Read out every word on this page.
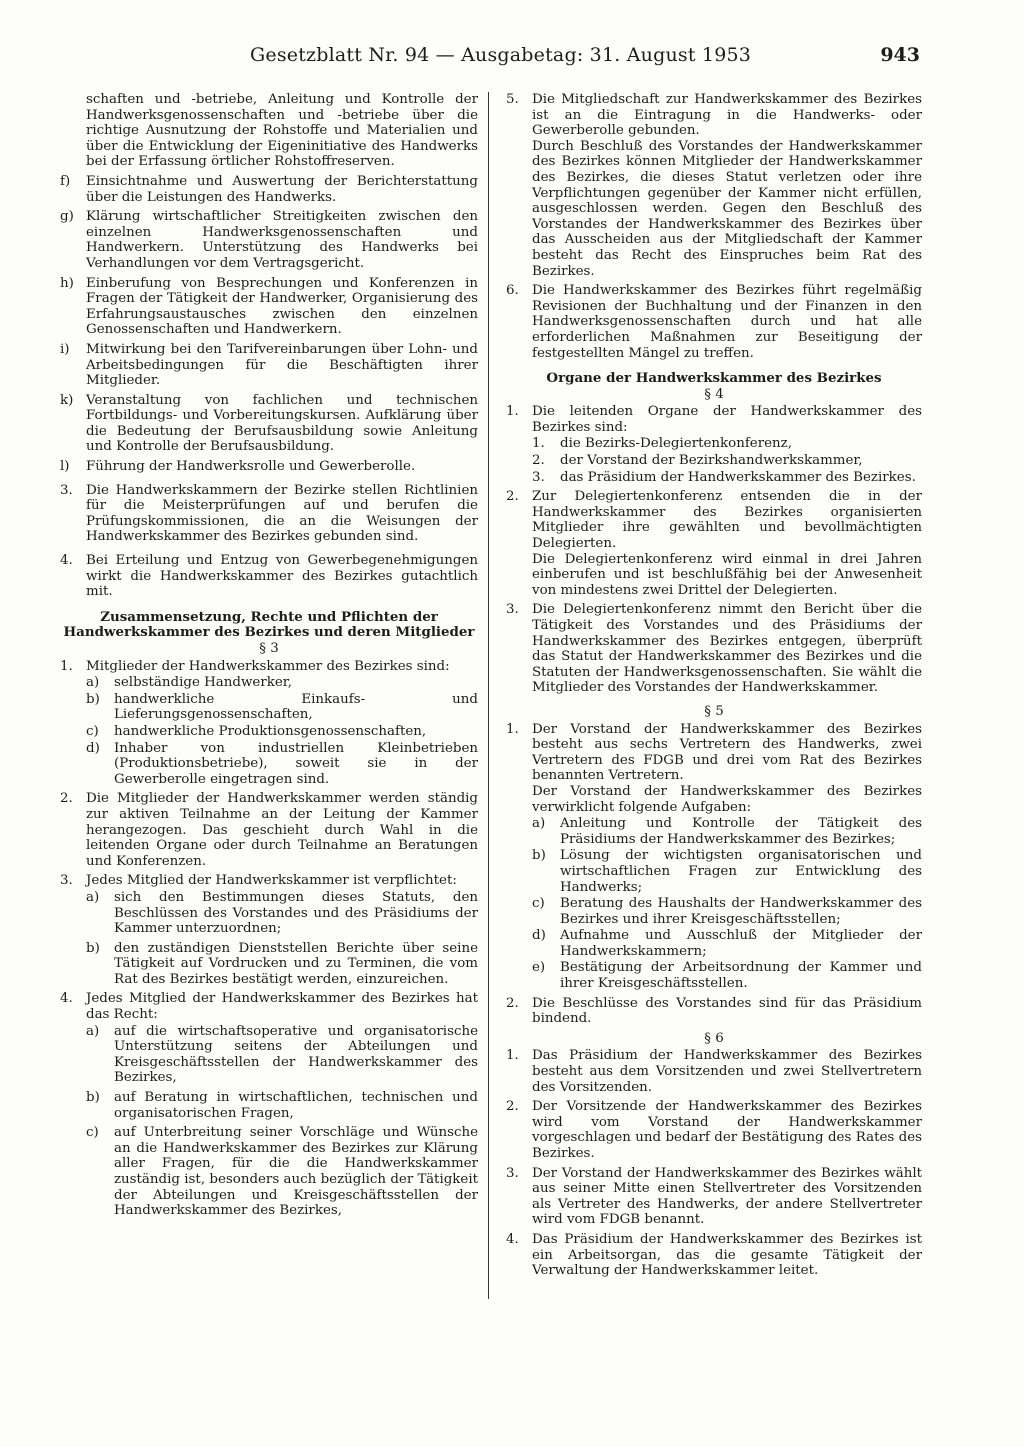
Gesetzblatt Nr. 94 — Ausgabetag: 31. August 1953	943
schaften und -betriebe, Anleitung und Kontrolle der Handwerksgenossenschaften und -betriebe über die richtige Ausnutzung der Rohstoffe und Materialien und über die Entwicklung der Eigeninitiative des Handwerks bei der Erfassung örtlicher Rohstoffreserven.
f) Einsichtnahme und Auswertung der Berichterstattung über die Leistungen des Handwerks.
g) Klärung wirtschaftlicher Streitigkeiten zwischen den einzelnen Handwerksgenossenschaften und Handwerkern. Unterstützung des Handwerks bei Verhandlungen vor dem Vertragsgericht.
h) Einberufung von Besprechungen und Konferenzen in Fragen der Tätigkeit der Handwerker, Organisierung des Erfahrungsaustausches zwischen den einzelnen Genossenschaften und Handwerkern.
i) Mitwirkung bei den Tarifvereinbarungen über Lohn- und Arbeitsbedingungen für die Beschäftigten ihrer Mitglieder.
k) Veranstaltung von fachlichen und technischen Fortbildungs- und Vorbereitungskursen. Aufklärung über die Bedeutung der Berufsausbildung sowie Anleitung und Kontrolle der Berufsausbildung.
l) Führung der Handwerksrolle und Gewerberolle.
3. Die Handwerkskammern der Bezirke stellen Richtlinien für die Meisterprüfungen auf und berufen die Prüfungskommissionen, die an die Weisungen der Handwerkskammer des Bezirkes gebunden sind.
4. Bei Erteilung und Entzug von Gewerbegenehmigungen wirkt die Handwerkskammer des Bezirkes gutachtlich mit.
Zusammensetzung, Rechte und Pflichten der Handwerkskammer des Bezirkes und deren Mitglieder
§ 3
1. Mitglieder der Handwerkskammer des Bezirkes sind:
a) selbständige Handwerker,
b) handwerkliche Einkaufs- und Lieferungsgenossenschaften,
c) handwerkliche Produktionsgenossenschaften,
d) Inhaber von industriellen Kleinbetrieben (Produktionsbetriebe), soweit sie in der Gewerberolle eingetragen sind.
2. Die Mitglieder der Handwerkskammer werden ständig zur aktiven Teilnahme an der Leitung der Kammer herangezogen. Das geschieht durch Wahl in die leitenden Organe oder durch Teilnahme an Beratungen und Konferenzen.
3. Jedes Mitglied der Handwerkskammer ist verpflichtet:
a) sich den Bestimmungen dieses Statuts, den Beschlüssen des Vorstandes und des Präsidiums der Kammer unterzuordnen;
b) den zuständigen Dienststellen Berichte über seine Tätigkeit auf Vordrucken und zu Terminen, die vom Rat des Bezirkes bestätigt werden, einzureichen.
4. Jedes Mitglied der Handwerkskammer des Bezirkes hat das Recht:
a) auf die wirtschaftsoperative und organisatorische Unterstützung seitens der Abteilungen und Kreisgeschäftsstellen der Handwerkskammer des Bezirkes,
b) auf Beratung in wirtschaftlichen, technischen und organisatorischen Fragen,
c) auf Unterbreitung seiner Vorschläge und Wünsche an die Handwerkskammer des Bezirkes zur Klärung aller Fragen, für die die Handwerkskammer zuständig ist, besonders auch bezüglich der Tätigkeit der Abteilungen und Kreisgeschäftsstellen der Handwerkskammer des Bezirkes,
5. Die Mitgliedschaft zur Handwerkskammer des Bezirkes ist an die Eintragung in die Handwerks- oder Gewerberolle gebunden.
Durch Beschluß des Vorstandes der Handwerkskammer des Bezirkes können Mitglieder der Handwerkskammer des Bezirkes, die dieses Statut verletzen oder ihre Verpflichtungen gegenüber der Kammer nicht erfüllen, ausgeschlossen werden. Gegen den Beschluß des Vorstandes der Handwerkskammer des Bezirkes über das Ausscheiden aus der Mitgliedschaft der Kammer besteht das Recht des Einspruches beim Rat des Bezirkes.
6. Die Handwerkskammer des Bezirkes führt regelmäßig Revisionen der Buchhaltung und der Finanzen in den Handwerksgenossenschaften durch und hat alle erforderlichen Maßnahmen zur Beseitigung der festgestellten Mängel zu treffen.
Organe der Handwerkskammer des Bezirkes
§ 4
1. Die leitenden Organe der Handwerkskammer des Bezirkes sind:
1. die Bezirks-Delegiertenkonferenz,
2. der Vorstand der Bezirkshandwerkskammer,
3. das Präsidium der Handwerkskammer des Bezirkes.
2. Zur Delegiertenkonferenz entsenden die in der Handwerkskammer des Bezirkes organisierten Mitglieder ihre gewählten und bevollmächtigten Delegierten.
Die Delegiertenkonferenz wird einmal in drei Jahren einberufen und ist beschlußfähig bei der Anwesenheit von mindestens zwei Drittel der Delegierten.
3. Die Delegiertenkonferenz nimmt den Bericht über die Tätigkeit des Vorstandes und des Präsidiums der Handwerkskammer des Bezirkes entgegen, überprüft das Statut der Handwerkskammer des Bezirkes und die Statuten der Handwerksgenossenschaften. Sie wählt die Mitglieder des Vorstandes der Handwerkskammer.
§ 5
1. Der Vorstand der Handwerkskammer des Bezirkes besteht aus sechs Vertretern des Handwerks, zwei Vertretern des FDGB und drei vom Rat des Bezirkes benannten Vertretern.
Der Vorstand der Handwerkskammer des Bezirkes verwirklicht folgende Aufgaben:
a) Anleitung und Kontrolle der Tätigkeit des Präsidiums der Handwerkskammer des Bezirkes;
b) Lösung der wichtigsten organisatorischen und wirtschaftlichen Fragen zur Entwicklung des Handwerks;
c) Beratung des Haushalts der Handwerkskammer des Bezirkes und ihrer Kreisgeschäftsstellen;
d) Aufnahme und Ausschluß der Mitglieder der Handwerkskammern;
e) Bestätigung der Arbeitsordnung der Kammer und ihrer Kreisgeschäftsstellen.
2. Die Beschlüsse des Vorstandes sind für das Präsidium bindend.
§ 6
1. Das Präsidium der Handwerkskammer des Bezirkes besteht aus dem Vorsitzenden und zwei Stellvertretern des Vorsitzenden.
2. Der Vorsitzende der Handwerkskammer des Bezirkes wird vom Vorstand der Handwerkskammer vorgeschlagen und bedarf der Bestätigung des Rates des Bezirkes.
3. Der Vorstand der Handwerkskammer des Bezirkes wählt aus seiner Mitte einen Stellvertreter des Vorsitzenden als Vertreter des Handwerks, der andere Stellvertreter wird vom FDGB benannt.
4. Das Präsidium der Handwerkskammer des Bezirkes ist ein Arbeitsorgan, das die gesamte Tätigkeit der Verwaltung der Handwerkskammer leitet.
